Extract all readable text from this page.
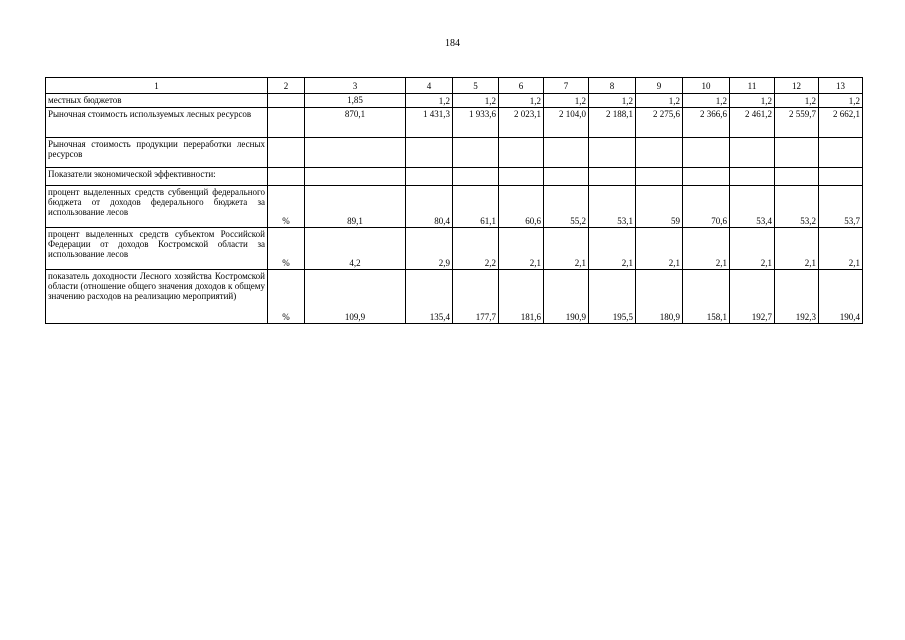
184
1	2	3	4	5	6	7	8	9	10	11	12	13
местных бюджетов		1,85	1,2	1,2	1,2	1,2	1,2	1,2	1,2	1,2	1,2	1,2
Рыночная стоимость используемых лесных ресурсов		870,1	1 431,3	1 933,6	2 023,1	2 104,0	2 188,1	2 275,6	2 366,6	2 461,2	2 559,7	2 662,1
Рыночная стоимость продукции переработки лесных ресурсов												
Показатели экономической эффективности:												
процент выделенных средств субвенций федерального бюджета от доходов федерального бюджета за использование лесов	%	89,1	80,4	61,1	60,6	55,2	53,1	59	70,6	53,4	53,2	53,7
процент выделенных средств субъектом Российской Федерации от доходов Костромской области за использование лесов	%	4,2	2,9	2,2	2,1	2,1	2,1	2,1	2,1	2,1	2,1	2,1
показатель доходности Лесного хозяйства Костромской области (отношение общего значения доходов к общему значению расходов на реализацию мероприятий)	%	109,9	135,4	177,7	181,6	190,9	195,5	180,9	158,1	192,7	192,3	190,4
